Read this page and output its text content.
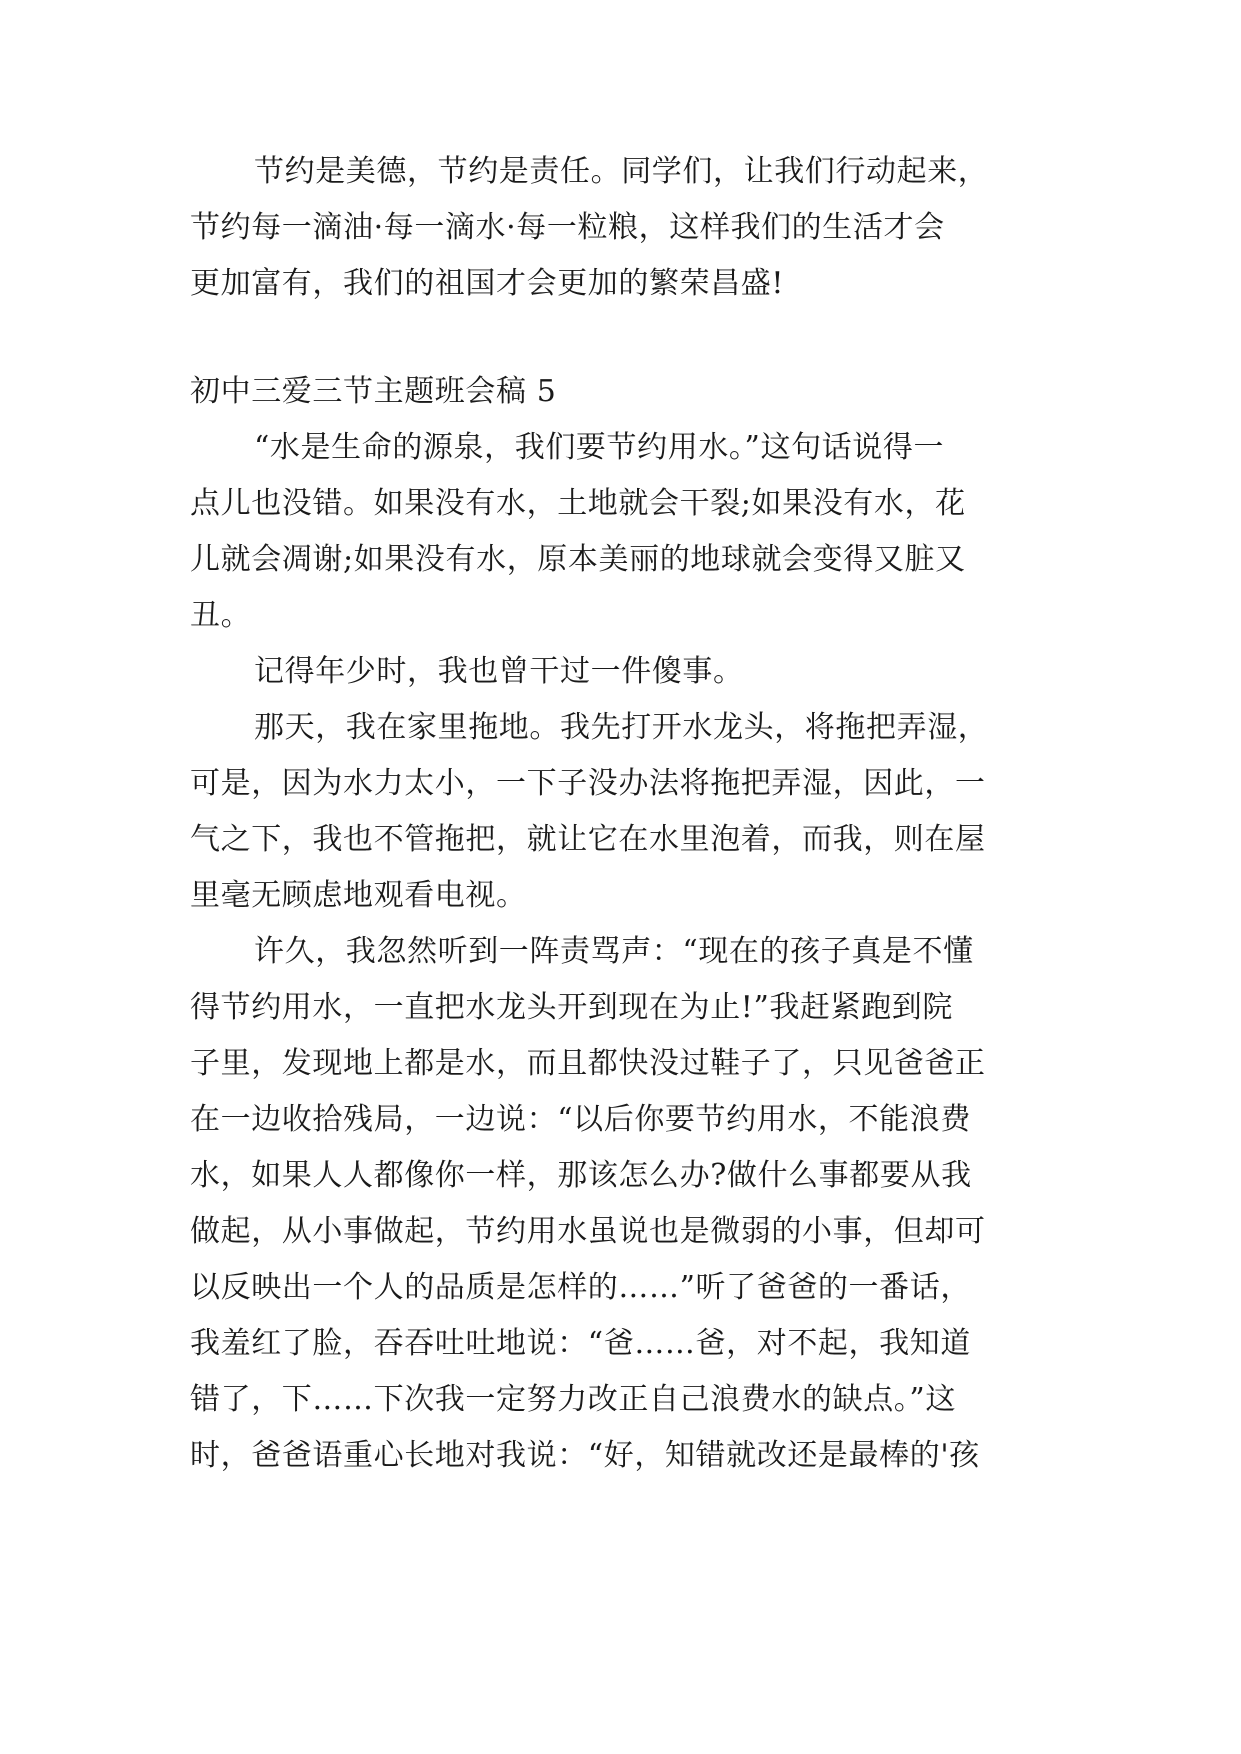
节约是美德，节约是责任。同学们，让我们行动起来，
节约每一滴油·每一滴水·每一粒粮，这样我们的生活才会
更加富有，我们的祖国才会更加的繁荣昌盛!
初中三爱三节主题班会稿 5
“水是生命的源泉，我们要节约用水。”这句话说得一
点儿也没错。如果没有水，土地就会干裂;如果没有水，花
儿就会凋谢;如果没有水，原本美丽的地球就会变得又脏又
丑。
记得年少时，我也曾干过一件傻事。
那天，我在家里拖地。我先打开水龙头，将拖把弄湿，
可是，因为水力太小，一下子没办法将拖把弄湿，因此，一
气之下，我也不管拖把，就让它在水里泡着，而我，则在屋
里毫无顾虑地观看电视。
许久，我忽然听到一阵责骂声：“现在的孩子真是不懂
得节约用水，一直把水龙头开到现在为止!”我赶紧跑到院
子里，发现地上都是水，而且都快没过鞋子了，只见爸爸正
在一边收拾残局，一边说：“以后你要节约用水，不能浪费
水，如果人人都像你一样，那该怎么办?做什么事都要从我
做起，从小事做起，节约用水虽说也是微弱的小事，但却可
以反映出一个人的品质是怎样的……”听了爸爸的一番话，
我羞红了脸，吞吞吐吐地说：“爸……爸，对不起，我知道
错了，下……下次我一定努力改正自己浪费水的缺点。”这
时，爸爸语重心长地对我说：“好，知错就改还是最棒的'孩
